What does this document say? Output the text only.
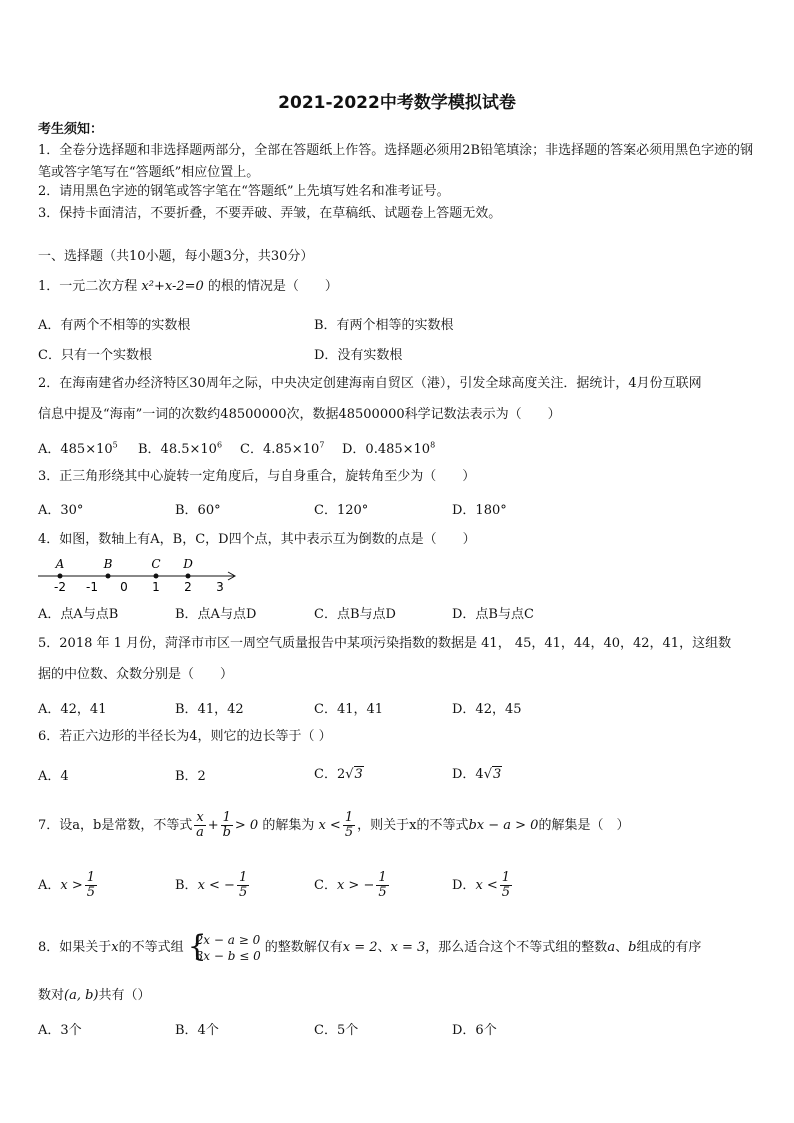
2021-2022中考数学模拟试卷
考生须知：
1．全卷分选择题和非选择题两部分，全部在答题纸上作答。选择题必须用2B铅笔填涂；非选择题的答案必须用黑色字迹的钢笔或答字笔写在“答题纸”相应位置上。
2．请用黑色字迹的钢笔或答字笔在“答题纸”上先填写姓名和准考证号。
3．保持卡面清洁，不要折叠，不要弄破、弄皱，在草稿纸、试题卷上答题无效。
一、选择题（共10小题，每小题3分，共30分）
1．一元二次方程 x²+x-2=0 的根的情况是（　　）
A．有两个不相等的实数根	B．有两个相等的实数根
C．只有一个实数根	D．没有实数根
2．在海南建省办经济特区30周年之际，中央决定创建海南自贸区（港），引发全球高度关注．据统计，4月份互联网
信息中提及“海南”一词的次数约48500000次，数据48500000科学记数法表示为（　　）
A．$485\times 10^5$ B．$48.5\times 10^6$ C．$4.85\times 10^7$ D．$0.485\times 10^8$
3．正三角形绕其中心旋转一定角度后，与自身重合，旋转角至少为（　　）
A．30°	B．60°	C．120°	D．180°
4．如图，数轴上有A，B，C，D四个点，其中表示互为倒数的点是（　　）
-2 -1 0 1 2 3
A	B	C D
A．点A与点B	B．点A与点D	C．点B与点D	D．点B与点C
5．2018 年 1 月份，菏泽市市区一周空气质量报告中某项污染指数的数据是 41， 45，41，44，40，42，41，这组数
据的中位数、众数分别是（　　）
A．42，41	B．41，42	C．41，41	D．42，45
6．若正六边形的半径长为4，则它的边长等于（ ）
A．4	B．2	C．2√3	D．4√3
7．设a，b是常数，不等式 $\frac{x}{a} + \frac{1}{b} > 0$ 的解集为 $x < \frac{1}{5}$ ，则关于x的不等式bx − a > 0的解集是（　）
A．$x > \frac{1}{5}$	B．x < − $\frac{1}{5}$	C．x > − $\frac{1}{5}$	D．$x < \frac{1}{5}$
8．如果关于x的不等式组 {
2x − a ≥ 0
3x − b ≤ 0
的整数解仅有x = 2、x = 3，那么适合这个不等式组的整数a、b组成的有序
数对(a, b)共有（）
A．3个	B．4个	C．5个	D．6个
